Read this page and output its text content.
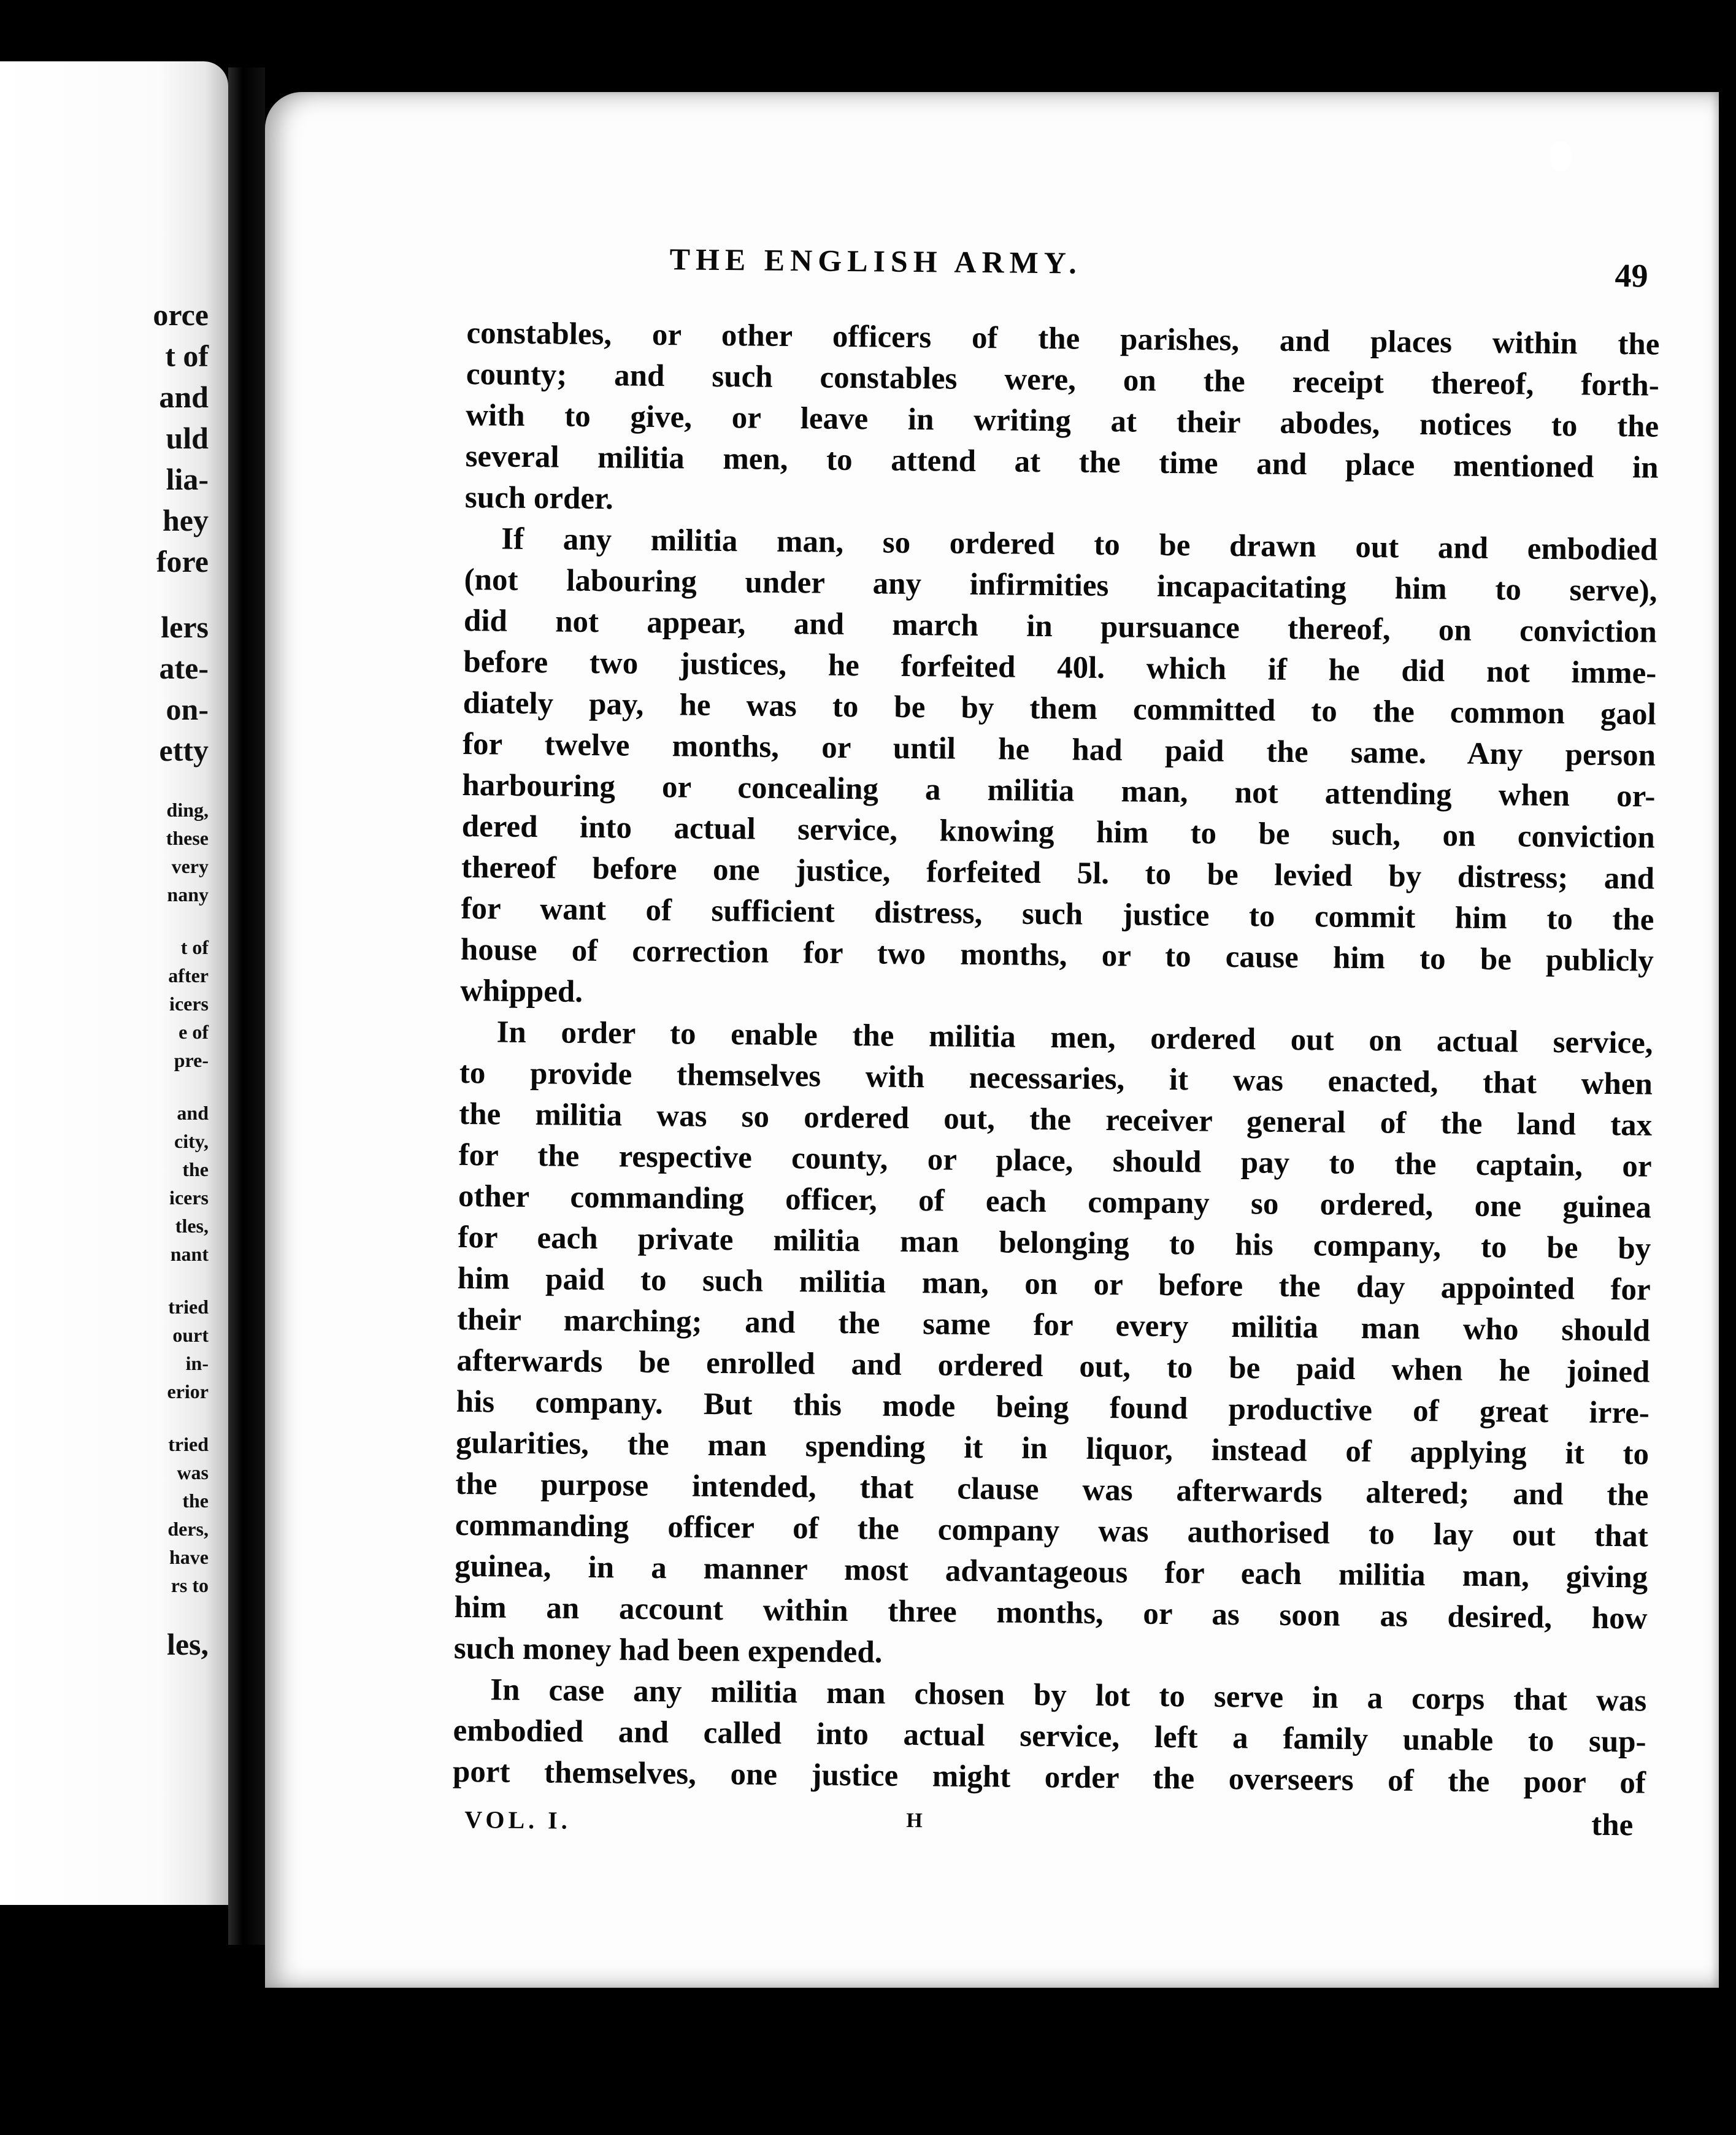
orce
t of
and
uld
lia-
hey
fore
lers
ate-
on-
etty
ding,
these
very
nany
t of
after
icers
e of
pre-
and
city,
the
icers
tles,
nant
tried
ourt
in-
erior
tried
was
the
ders,
have
rs to
les,
THE ENGLISH ARMY.	49
constables, or other officers of the parishes, and places within the
county; and such constables were, on the receipt thereof, forth-
with to give, or leave in writing at their abodes, notices to the
several militia men, to attend at the time and place mentioned in
such order.
If any militia man, so ordered to be drawn out and embodied
(not labouring under any infirmities incapacitating him to serve),
did not appear, and march in pursuance thereof, on conviction
before two justices, he forfeited 40l. which if he did not imme-
diately pay, he was to be by them committed to the common gaol
for twelve months, or until he had paid the same. Any person
harbouring or concealing a militia man, not attending when or-
dered into actual service, knowing him to be such, on conviction
thereof before one justice, forfeited 5l. to be levied by distress; and
for want of sufficient distress, such justice to commit him to the
house of correction for two months, or to cause him to be publicly
whipped.
In order to enable the militia men, ordered out on actual service,
to provide themselves with necessaries, it was enacted, that when
the militia was so ordered out, the receiver general of the land tax
for the respective county, or place, should pay to the captain, or
other commanding officer, of each company so ordered, one guinea
for each private militia man belonging to his company, to be by
him paid to such militia man, on or before the day appointed for
their marching; and the same for every militia man who should
afterwards be enrolled and ordered out, to be paid when he joined
his company. But this mode being found productive of great irre-
gularities, the man spending it in liquor, instead of applying it to
the purpose intended, that clause was afterwards altered; and the
commanding officer of the company was authorised to lay out that
guinea, in a manner most advantageous for each militia man, giving
him an account within three months, or as soon as desired, how
such money had been expended.
In case any militia man chosen by lot to serve in a corps that was
embodied and called into actual service, left a family unable to sup-
port themselves, one justice might order the overseers of the poor of
VOL. I.	H	the
